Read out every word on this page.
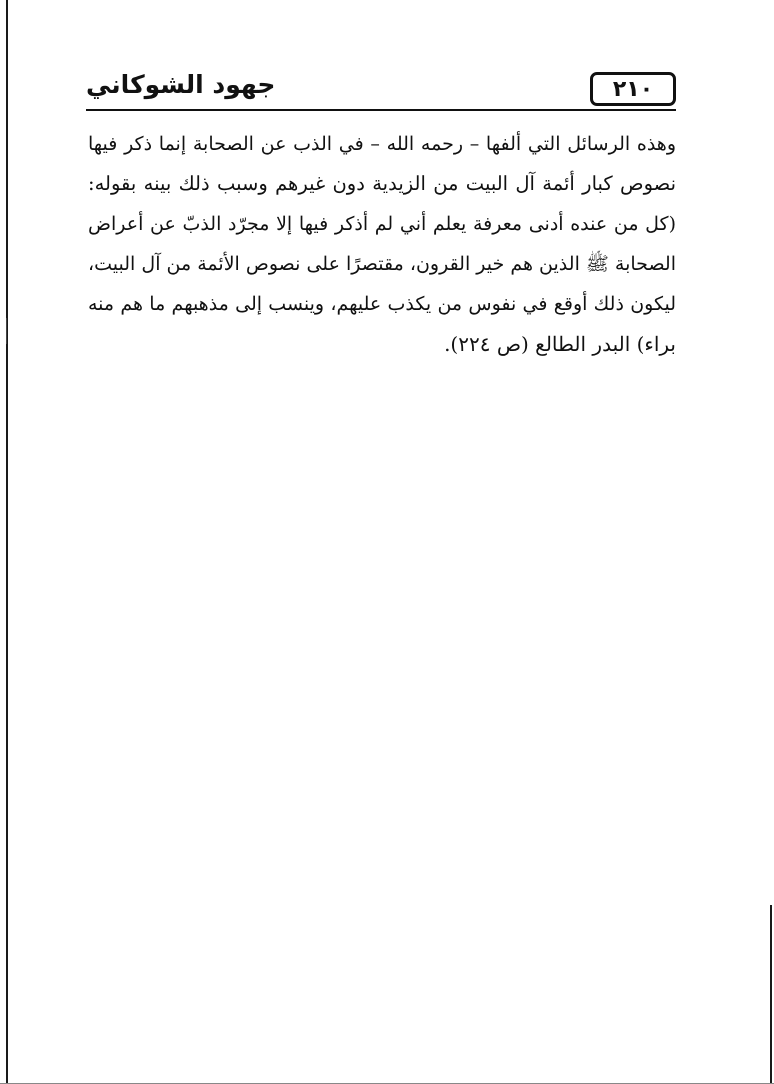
٢١٠
جهود الشوكاني
وهذه الرسائل التي ألفها – رحمه الله – في الذب عن الصحابة إنما ذكر فيها
نصوص كبار أئمة آل البيت من الزيدية دون غيرهم وسبب ذلك بينه بقوله:
(كل من عنده أدنى معرفة يعلم أني لم أذكر فيها إلا مجرّد الذبّ عن أعراض
الصحابة ﷺ الذين هم خير القرون، مقتصرًا على نصوص الأئمة من آل البيت،
ليكون ذلك أوقع في نفوس من يكذب عليهم، وينسب إلى مذهبهم ما هم منه
براء) البدر الطالع (ص ٢٢٤).
